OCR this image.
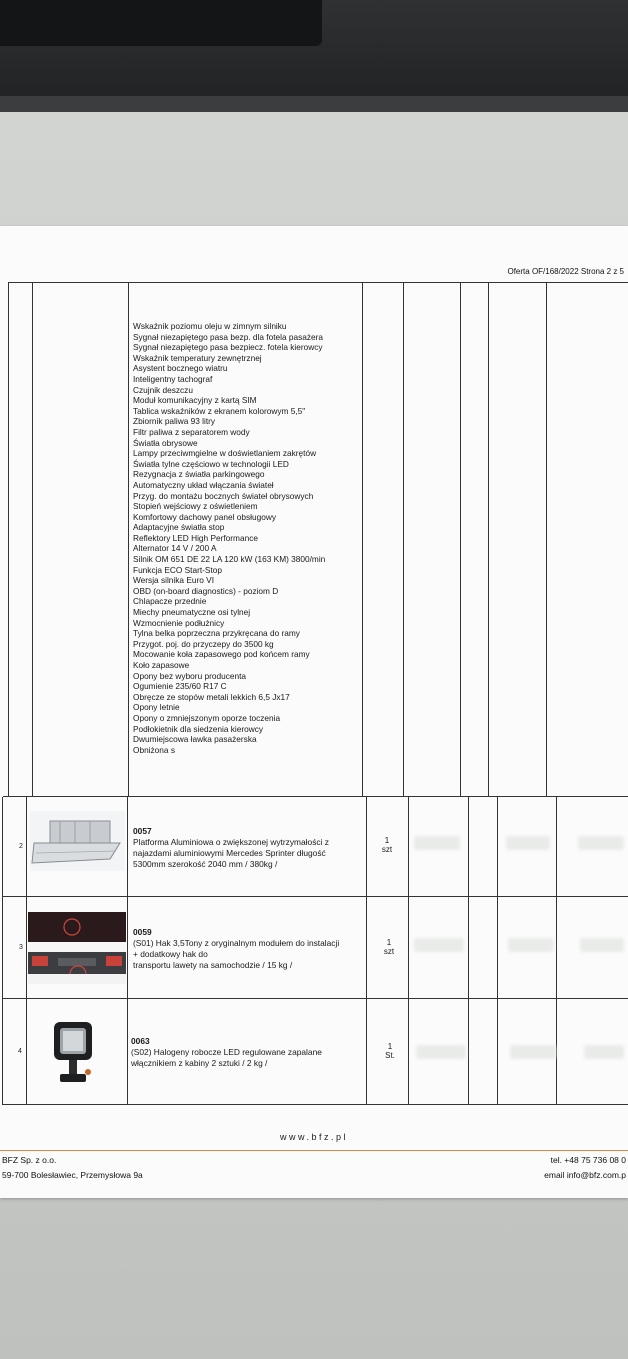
Oferta OF/168/2022 Strona 2 z 5
Wskaźnik poziomu oleju w zimnym silniku
Sygnał niezapiętego pasa bezp. dla fotela pasażera
Sygnał niezapiętego pasa bezpiecz. fotela kierowcy
Wskaźnik temperatury zewnętrznej
Asystent bocznego wiatru
Inteligentny tachograf
Czujnik deszczu
Moduł komunikacyjny z kartą SIM
Tablica wskaźników z ekranem kolorowym 5,5"
Zbiornik paliwa 93 litry
Filtr paliwa z separatorem wody
Światła obrysowe
Lampy przeciwmgielne w doświetlaniem zakrętów
Światła tylne częściowo w technologii LED
Rezygnacja z światła parkingowego
Automatyczny układ włączania świateł
Przyg. do montażu bocznych świateł obrysowych
Stopień wejściowy z oświetleniem
Komfortowy dachowy panel obsługowy
Adaptacyjne światła stop
Reflektory LED High Performance
Alternator 14 V / 200 A
Silnik OM 651 DE 22 LA 120 kW (163 KM) 3800/min
Funkcja ECO Start-Stop
Wersja silnika Euro VI
OBD (on-board diagnostics) - poziom D
Chlapacze przednie
Miechy pneumatyczne osi tylnej
Wzmocnienie podłużnicy
Tylna belka poprzeczna przykręcana do ramy
Przygot. poj. do przyczepy do 3500 kg
Mocowanie koła zapasowego pod końcem ramy
Koło zapasowe
Opony bez wyboru producenta
Ogumienie 235/60 R17 C
Obręcze ze stopów metali lekkich 6,5 Jx17
Opony letnie
Opony o zmniejszonym oporze toczenia
Podłokietnik dla siedzenia kierowcy
Dwumiejscowa ławka pasażerska
Obniżona s
2
0057
Platforma Aluminiowa o zwiększonej wytrzymałości z
najazdami aluminiowymi Mercedes Sprinter długość
5300mm szerokość 2040 mm / 380kg /
1
szt
3
0059
(S01) Hak 3,5Tony z oryginalnym modułem do instalacji
+ dodatkowy hak do
transportu lawety na samochodzie / 15 kg /
1
szt
4
0063
(S02) Halogeny robocze LED regulowane zapalane
włącznikiem z kabiny 2 sztuki / 2 kg /
1
St.
www.bfz.pl
BFZ Sp. z o.o.
59-700 Bolesławiec, Przemysłowa 9a
tel. +48 75 736 08 0
email info@bfz.com.p
